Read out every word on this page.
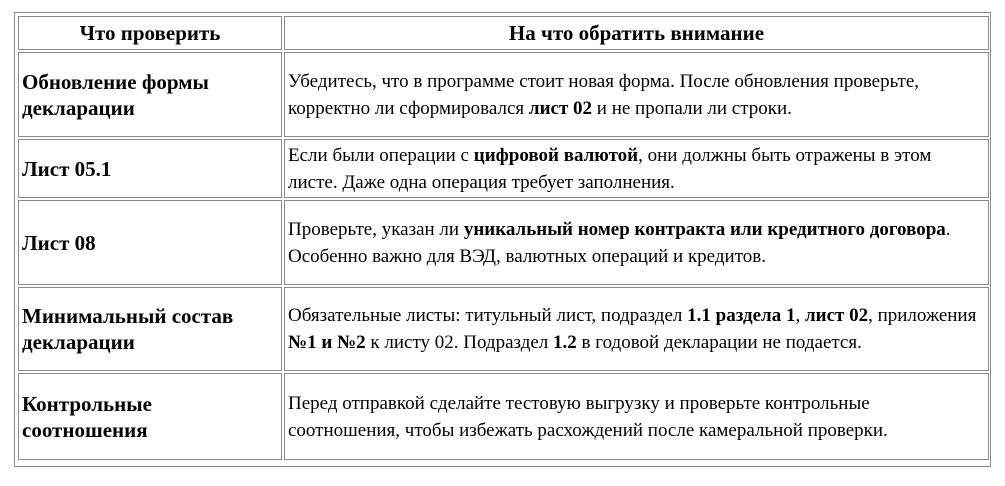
Что проверить	На что обратить внимание
Обновление формы декларации	Убедитесь, что в программе стоит новая форма. После обновления проверьте, корректно ли сформировался лист 02 и не пропали ли строки.
Лист 05.1	Если были операции с цифровой валютой, они должны быть отражены в этом листе. Даже одна операция требует заполнения.
Лист 08	Проверьте, указан ли уникальный номер контракта или кредитного договора. Особенно важно для ВЭД, валютных операций и кредитов.
Минимальный состав декларации	Обязательные листы: титульный лист, подраздел 1.1 раздела 1, лист 02, приложения №1 и №2 к листу 02. Подраздел 1.2 в годовой декларации не подается.
Контрольные соотношения	Перед отправкой сделайте тестовую выгрузку и проверьте контрольные соотношения, чтобы избежать расхождений после камеральной проверки.
